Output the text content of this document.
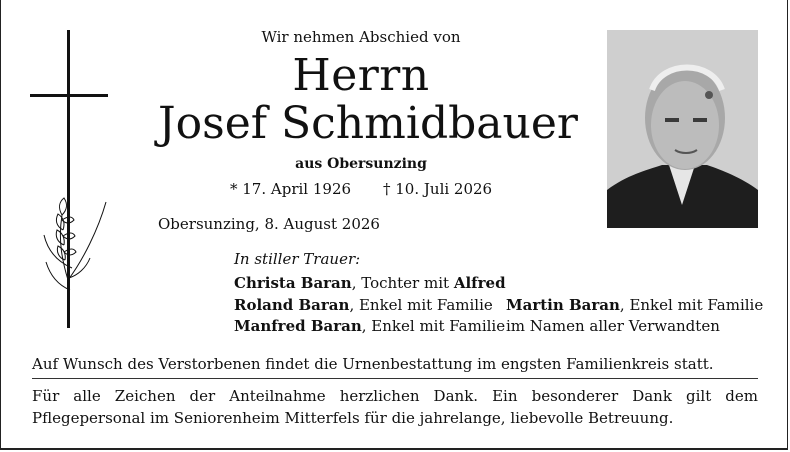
Wir nehmen Abschied von
Herrn
Josef Schmidbauer
aus Obersunzing
* 17. April 1926 † 10. Juli 2026
Obersunzing, 8. August 2026
In stiller Trauer:
Christa Baran, Tochter mit Alfred
Roland Baran, Enkel mit Familie
Manfred Baran, Enkel mit Familie
Martin Baran, Enkel mit Familie
im Namen aller Verwandten
Auf Wunsch des Verstorbenen findet die Urnenbestattung im engsten Familienkreis statt.
Für alle Zeichen der Anteilnahme herzlichen Dank. Ein besonderer Dank gilt dem Pflegepersonal im Seniorenheim Mitterfels für die jahrelange, liebevolle Betreuung.
